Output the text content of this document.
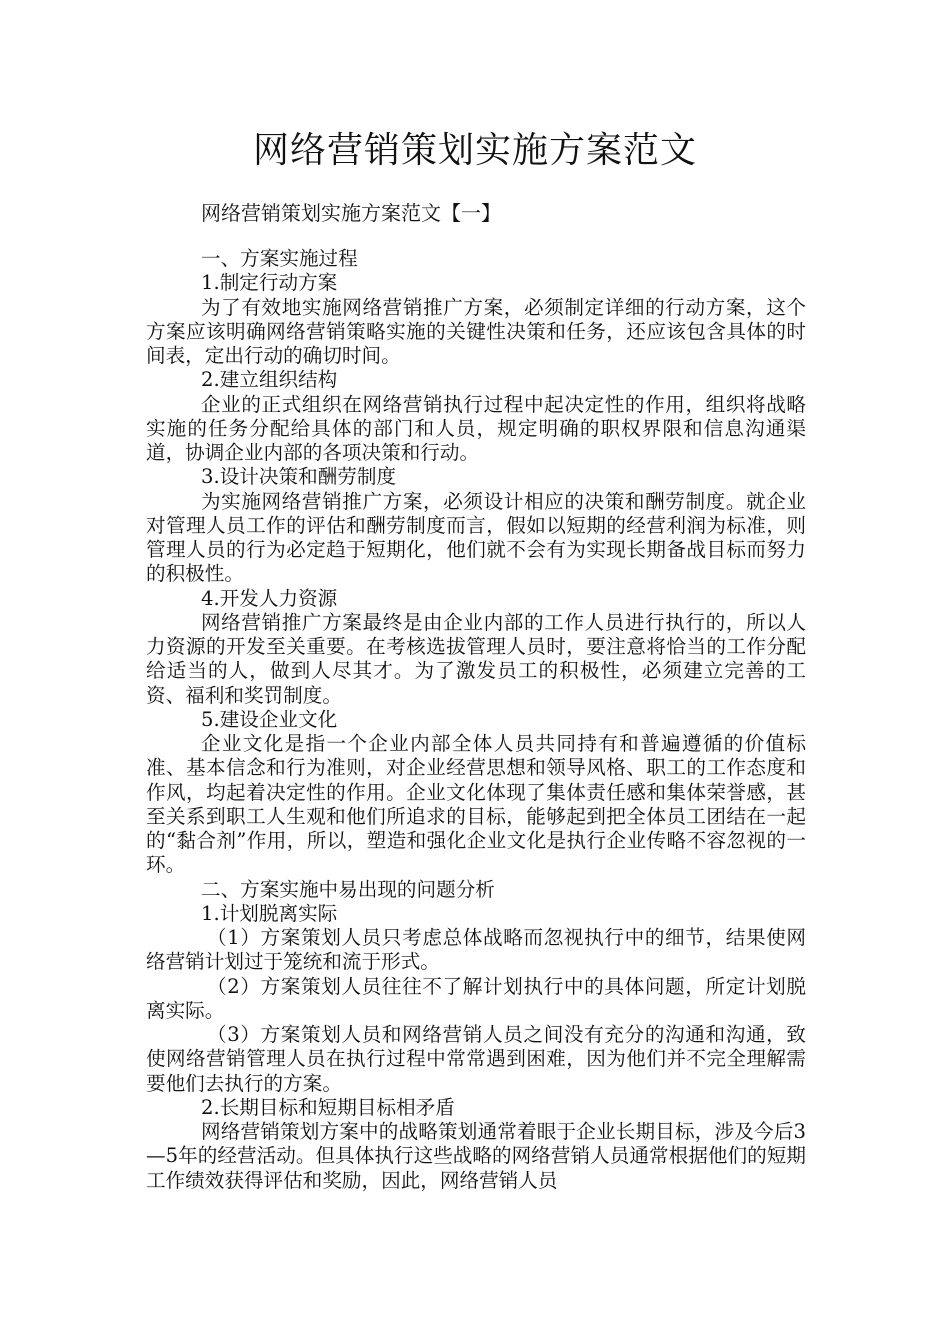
网络营销策划实施方案范文
网络营销策划实施方案范文【一】

一、方案实施过程

1.制定行动方案

为了有效地实施网络营销推广方案，必须制定详细的行动方案，这个方案应该明确网络营销策略实施的关键性决策和任务，还应该包含具体的时间表，定出行动的确切时间。

2.建立组织结构

企业的正式组织在网络营销执行过程中起决定性的作用，组织将战略实施的任务分配给具体的部门和人员，规定明确的职权界限和信息沟通渠道，协调企业内部的各项决策和行动。

3.设计决策和酬劳制度

为实施网络营销推广方案，必须设计相应的决策和酬劳制度。就企业对管理人员工作的评估和酬劳制度而言，假如以短期的经营利润为标准，则管理人员的行为必定趋于短期化，他们就不会有为实现长期备战目标而努力的积极性。

4.开发人力资源

网络营销推广方案最终是由企业内部的工作人员进行执行的，所以人力资源的开发至关重要。在考核选拔管理人员时，要注意将恰当的工作分配给适当的人，做到人尽其才。为了激发员工的积极性，必须建立完善的工资、福利和奖罚制度。

5.建设企业文化

企业文化是指一个企业内部全体人员共同持有和普遍遵循的价值标准、基本信念和行为准则，对企业经营思想和领导风格、职工的工作态度和作风，均起着决定性的作用。企业文化体现了集体责任感和集体荣誉感，甚至关系到职工人生观和他们所追求的目标，能够起到把全体员工团结在一起的“黏合剂”作用，所以，塑造和强化企业文化是执行企业传略不容忽视的一环。

二、方案实施中易出现的问题分析

1.计划脱离实际

（1）方案策划人员只考虑总体战略而忽视执行中的细节，结果使网络营销计划过于笼统和流于形式。

（2）方案策划人员往往不了解计划执行中的具体问题，所定计划脱离实际。

（3）方案策划人员和网络营销人员之间没有充分的沟通和沟通，致使网络营销管理人员在执行过程中常常遇到困难，因为他们并不完全理解需要他们去执行的方案。

2.长期目标和短期目标相矛盾

网络营销策划方案中的战略策划通常着眼于企业长期目标，涉及今后3—5年的经营活动。但具体执行这些战略的网络营销人员通常根据他们的短期工作绩效获得评估和奖励，因此，网络营销人员
